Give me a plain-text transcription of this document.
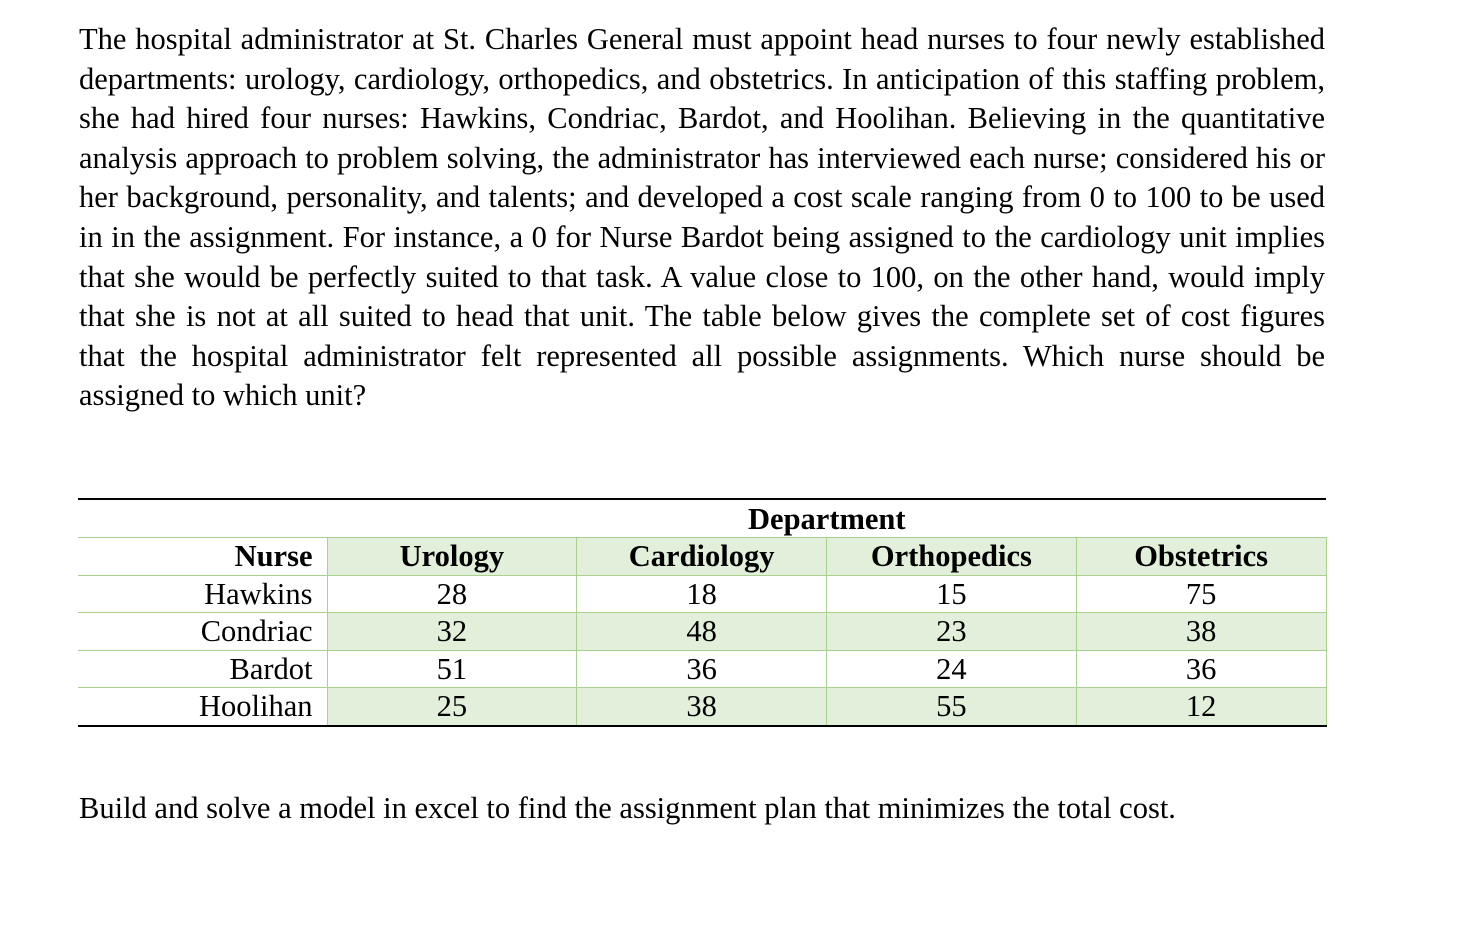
The hospital administrator at St. Charles General must appoint head nurses to four newly established departments: urology, cardiology, orthopedics, and obstetrics. In anticipation of this staffing problem, she had hired four nurses: Hawkins, Condriac, Bardot, and Hoolihan. Believing in the quantitative analysis approach to problem solving, the administrator has interviewed each nurse; considered his or her background, personality, and talents; and developed a cost scale ranging from 0 to 100 to be used in in the assignment. For instance, a 0 for Nurse Bardot being assigned to the cardiology unit implies that she would be perfectly suited to that task. A value close to 100, on the other hand, would imply that she is not at all suited to head that unit. The table below gives the complete set of cost figures that the hospital administrator felt represented all possible assignments. Which nurse should be assigned to which unit?

Department
Nurse	Urology	Cardiology	Orthopedics	Obstetrics
Hawkins	28	18	15	75
Condriac	32	48	23	38
Bardot	51	36	24	36
Hoolihan	25	38	55	12

Build and solve a model in excel to find the assignment plan that minimizes the total cost.
